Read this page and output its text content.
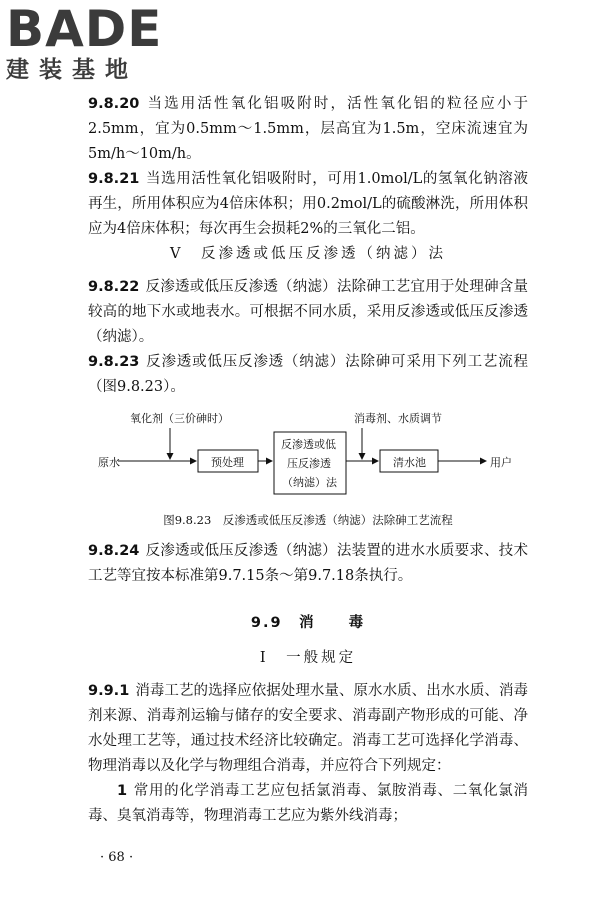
BADE
建装基地

9.8.20 当选用活性氧化铝吸附时，活性氧化铝的粒径应小于2.5mm，宜为0.5mm～1.5mm，层高宜为1.5m，空床流速宜为5m/h～10m/h。

9.8.21 当选用活性氧化铝吸附时，可用1.0mol/L的氢氧化钠溶液再生，所用体积应为4倍床体积；用0.2mol/L的硫酸淋洗，所用体积应为4倍床体积；每次再生会损耗2%的三氧化二铝。

V　反渗透或低压反渗透（纳滤）法

9.8.22 反渗透或低压反渗透（纳滤）法除砷工艺宜用于处理砷含量较高的地下水或地表水。可根据不同水质，采用反渗透或低压反渗透（纳滤）。

9.8.23 反渗透或低压反渗透（纳滤）法除砷可采用下列工艺流程（图9.8.23）。

氧化剂（三价砷时）	消毒剂、水质调节
原水	预处理
反渗透或低
压反渗透
（纳滤）法
清水池	用户

图9.8.23　反渗透或低压反渗透（纳滤）法除砷工艺流程

9.8.24 反渗透或低压反渗透（纳滤）法装置的进水水质要求、技术工艺等宜按本标准第9.7.15条～第9.7.18条执行。

9.9　消　　毒

Ⅰ　一般规定

9.9.1 消毒工艺的选择应依据处理水量、原水水质、出水水质、消毒剂来源、消毒剂运输与储存的安全要求、消毒副产物形成的可能、净水处理工艺等，通过技术经济比较确定。消毒工艺可选择化学消毒、物理消毒以及化学与物理组合消毒，并应符合下列规定：

1 常用的化学消毒工艺应包括氯消毒、氯胺消毒、二氧化氯消毒、臭氧消毒等，物理消毒工艺应为紫外线消毒；

· 68 ·
